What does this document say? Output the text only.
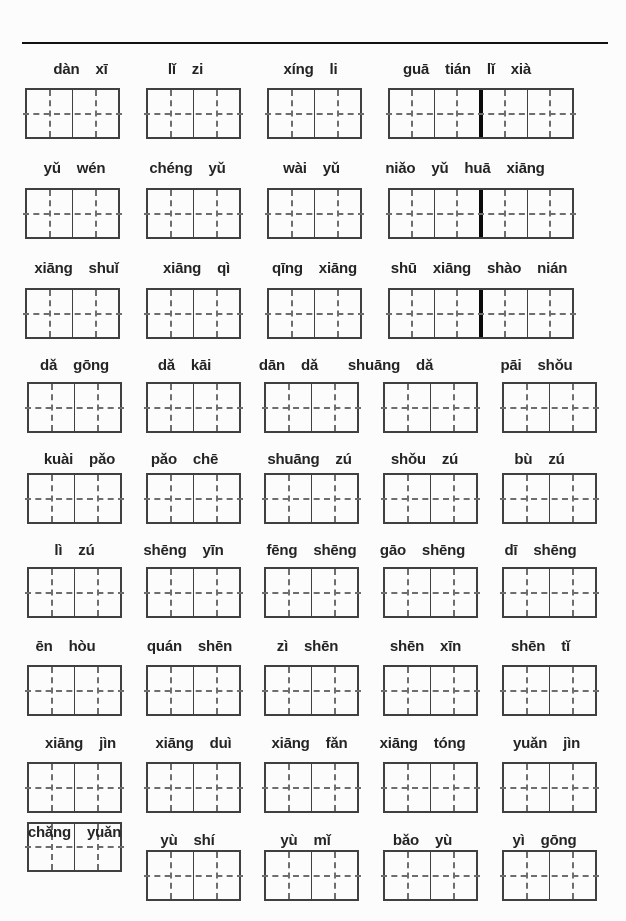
dàn xī	lǐ zi	xíng li	guā tián lǐ xià
yǔ wén	chéng yǔ	wài yǔ	niǎo yǔ huā xiāng
xiāng shuǐ	xiāng qì	qīng xiāng	shū xiāng shào nián
dǎ gōng	dǎ kāi	dān dǎ	shuāng dǎ	pāi shǒu
kuài pǎo	pǎo chē	shuāng zú	shǒu zú	bù zú
lì zú	shēng yīn	fēng shēng	gāo shēng	dī shēng
ēn hòu	quán shēn	zì shēn	shēn xīn	shēn tǐ
xiāng jìn	xiāng duì	xiāng fǎn	xiāng tóng	yuǎn jìn
chǎng yuǎn	yù shí	yù mǐ	bǎo yù	yì gōng
